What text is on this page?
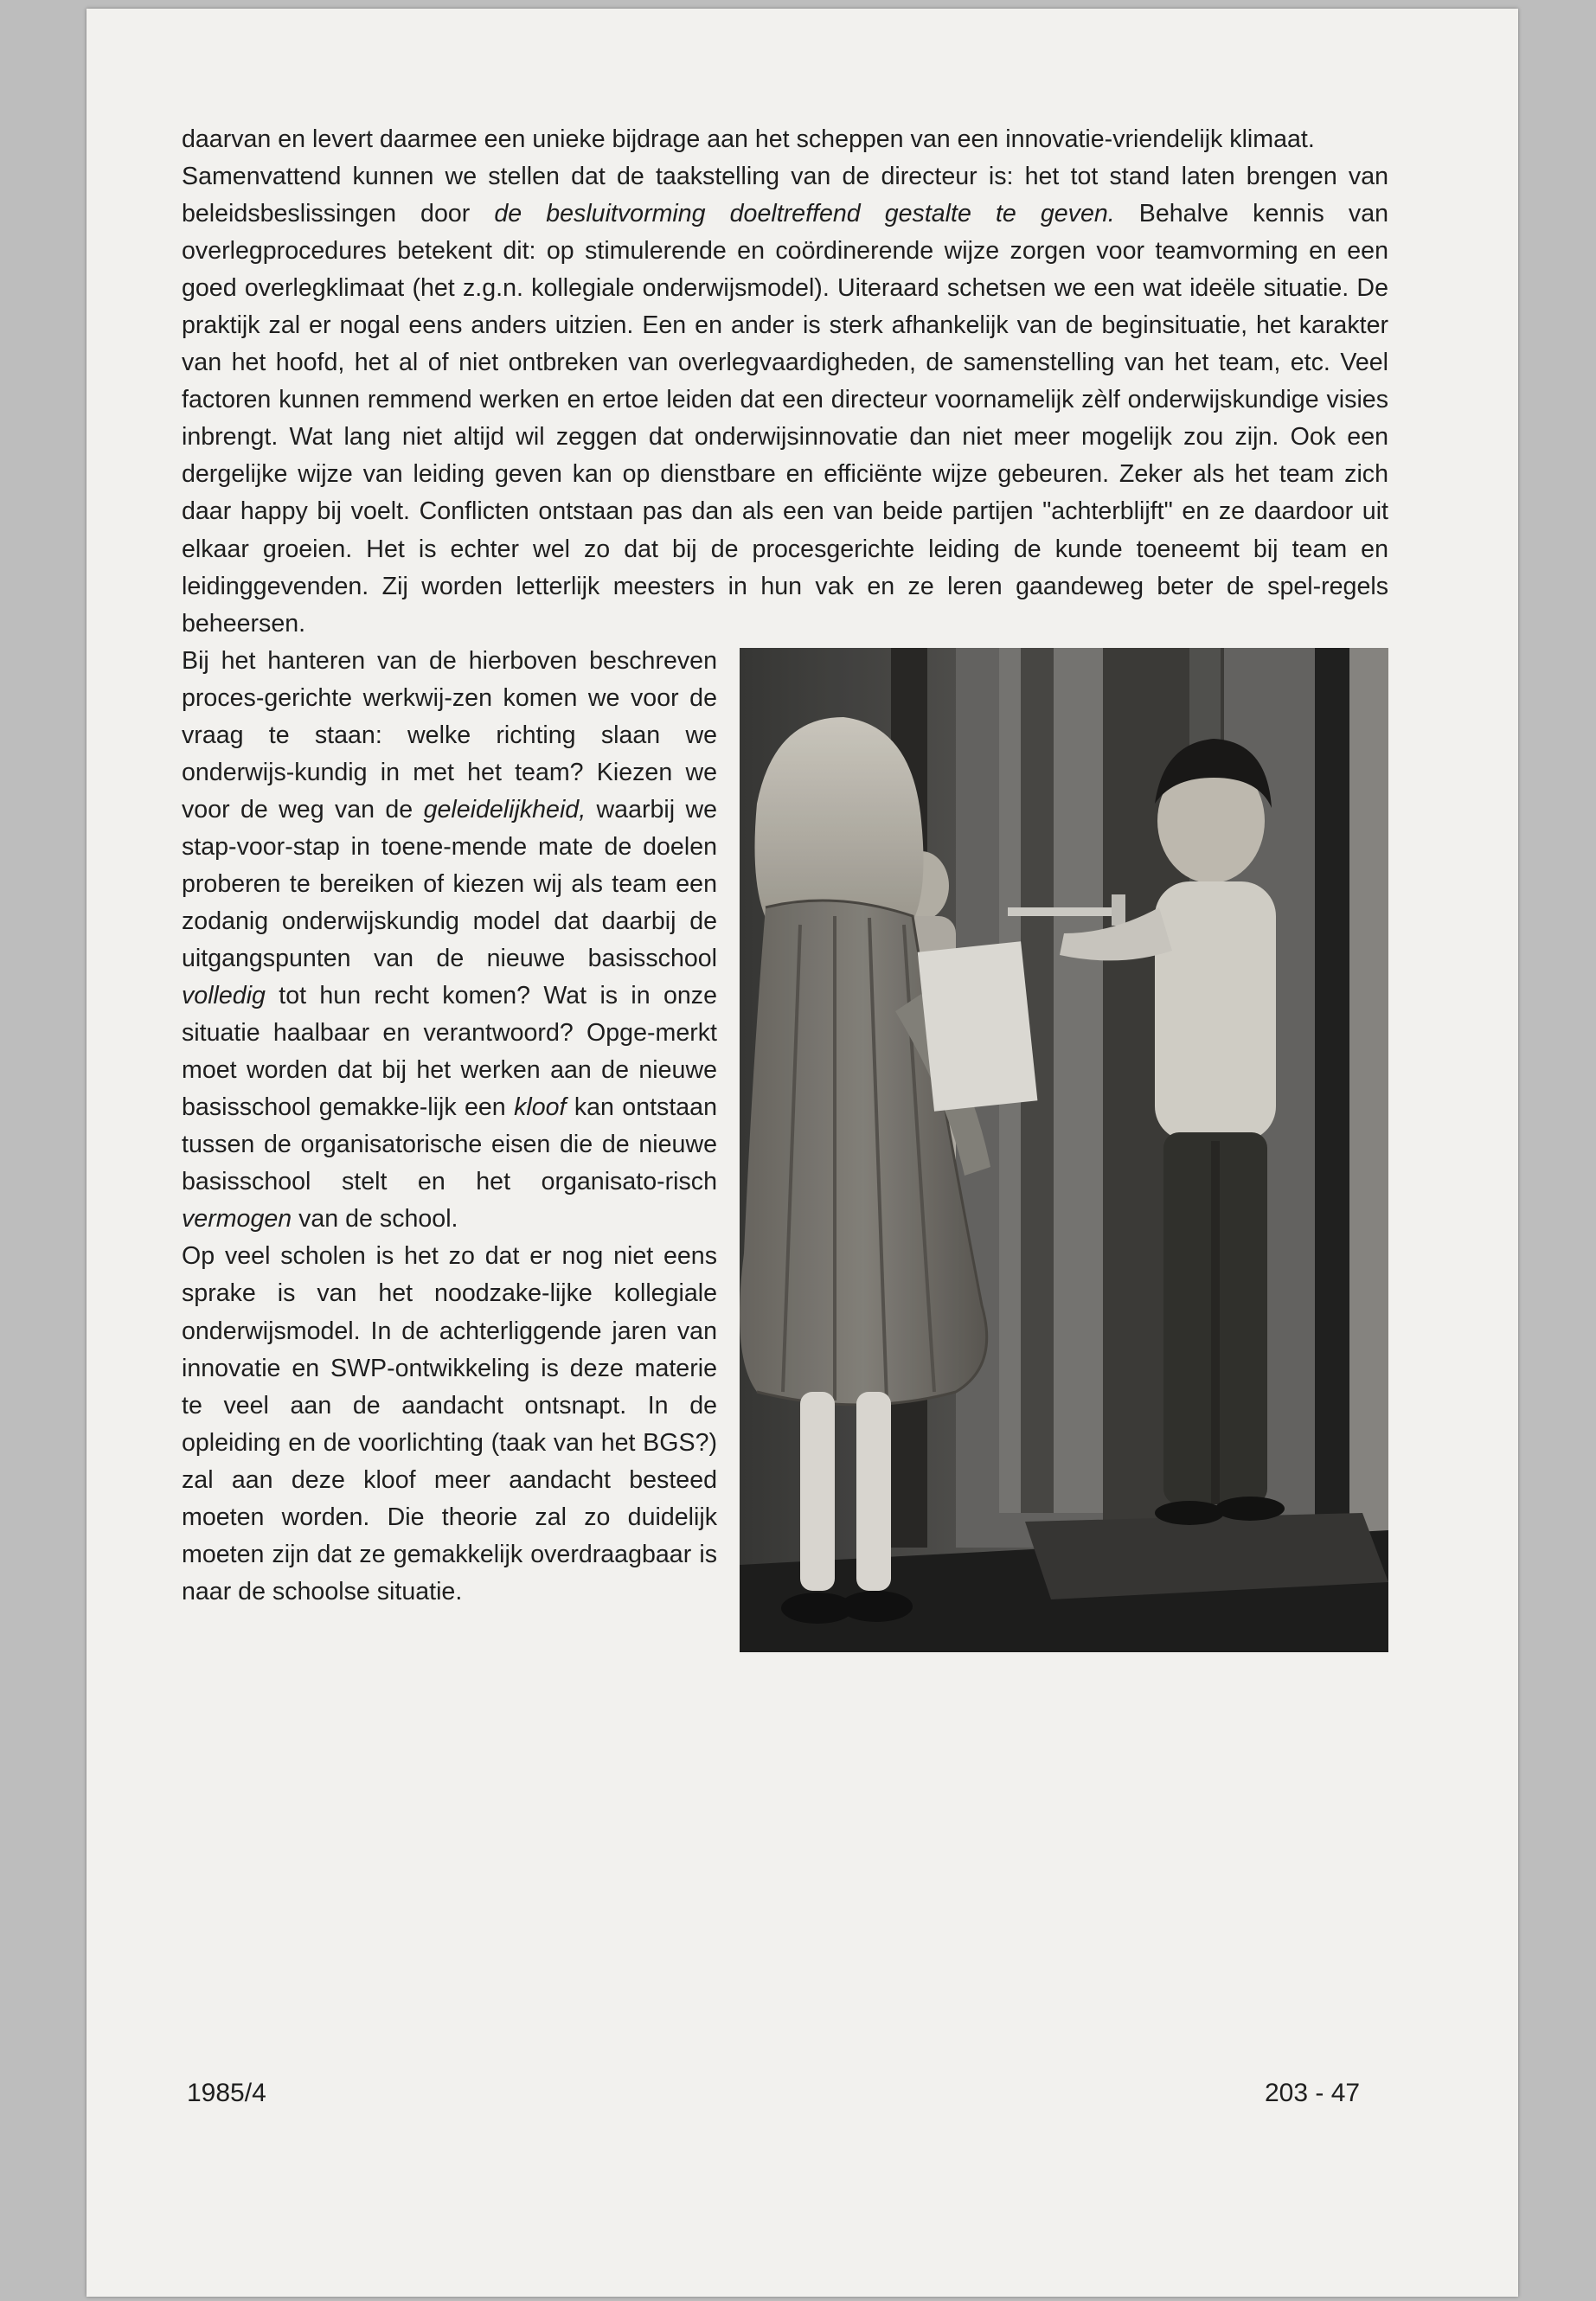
daarvan en levert daarmee een unieke bijdrage aan het scheppen van een innovatie-vriendelijk klimaat.

Samenvattend kunnen we stellen dat de taakstelling van de directeur is: het tot stand laten brengen van beleidsbeslissingen door de besluitvorming doeltreffend gestalte te geven. Behalve kennis van overlegprocedures betekent dit: op stimulerende en coördinerende wijze zorgen voor teamvorming en een goed overlegklimaat (het z.g.n. kollegiale onderwijsmodel). Uiteraard schetsen we een wat ideële situatie. De praktijk zal er nogal eens anders uitzien. Een en ander is sterk afhankelijk van de beginsituatie, het karakter van het hoofd, het al of niet ontbreken van overlegvaardigheden, de samenstelling van het team, etc. Veel factoren kunnen remmend werken en ertoe leiden dat een directeur voornamelijk zèlf onderwijskundige visies inbrengt. Wat lang niet altijd wil zeggen dat onderwijsinnovatie dan niet meer mogelijk zou zijn. Ook een dergelijke wijze van leiding geven kan op dienstbare en efficiënte wijze gebeuren. Zeker als het team zich daar happy bij voelt. Conflicten ontstaan pas dan als een van beide partijen "achterblijft" en ze daardoor uit elkaar groeien. Het is echter wel zo dat bij de procesgerichte leiding de kunde toeneemt bij team en leidinggevenden. Zij worden letterlijk meesters in hun vak en ze leren gaandeweg beter de spel-regels beheersen.

Bij het hanteren van de hierboven beschreven proces-gerichte werkwij-zen komen we voor de vraag te staan: welke richting slaan we onderwijs-kundig in met het team? Kiezen we voor de weg van de geleidelijkheid, waarbij we stap-voor-stap in toene-mende mate de doelen proberen te bereiken of kiezen wij als team een zodanig onderwijskundig model dat daarbij de uitgangspunten van de nieuwe basisschool volledig tot hun recht komen? Wat is in onze situatie haalbaar en verantwoord? Opge-merkt moet worden dat bij het werken aan de nieuwe basisschool gemakke-lijk een kloof kan ontstaan tussen de organisatorische eisen die de nieuwe basisschool stelt en het organisato-risch vermogen van de school.

Op veel scholen is het zo dat er nog niet eens sprake is van het noodzake-lijke kollegiale onderwijsmodel. In de achterliggende jaren van innovatie en SWP-ontwikkeling is deze materie te veel aan de aandacht ontsnapt. In de opleiding en de voorlichting (taak van het BGS?) zal aan deze kloof meer aandacht besteed moeten worden. Die theorie zal zo duidelijk moeten zijn dat ze gemakkelijk overdraagbaar is naar de schoolse situatie.

1985/4	203 - 47
